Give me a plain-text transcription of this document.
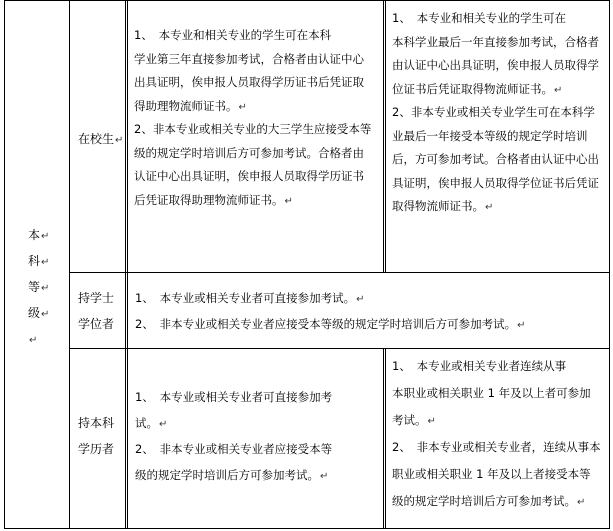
本↵
科↵
等↵
级↵
↵
在校生↵
1、　本专业和相关专业的学生可在本科
学业第三年直接参加考试，合格者由认证中心
出具证明，俟申报人员取得学历证书后凭证取
得助理物流师证书。↵
2、非本专业或相关专业的大三学生应接受本等
级的规定学时培训后方可参加考试。合格者由
认证中心出具证明，俟申报人员取得学历证书
后凭证取得助理物流师证书。↵
1、　本专业和相关专业的学生可在
本科学业最后一年直接参加考试，合格者
由认证中心出具证明，俟申报人员取得学
位证书后凭证取得物流师证书。↵
2、非本专业或相关专业学生可在本科学
业最后一年接受本等级的规定学时培训
后，方可参加考试。合格者由认证中心出
具证明，俟申报人员取得学位证书后凭证
取得物流师证书。↵
持学士
学位者
1、　本专业或相关专业者可直接参加考试。↵
2、　非本专业或相关专业者应接受本等级的规定学时培训后方可参加考试。↵
持本科
学历者
1、　本专业或相关专业者可直接参加考
试。↵
2、　非本专业或相关专业者应接受本等
级的规定学时培训后方可参加考试。↵
1、　本专业或相关专业者连续从事
本职业或相关职业 1 年及以上者可参加
考试。↵
2、　非本专业或相关专业者，连续从事本
职业或相关职业 1 年及以上者接受本等
级的规定学时培训后方可参加考试。↵
